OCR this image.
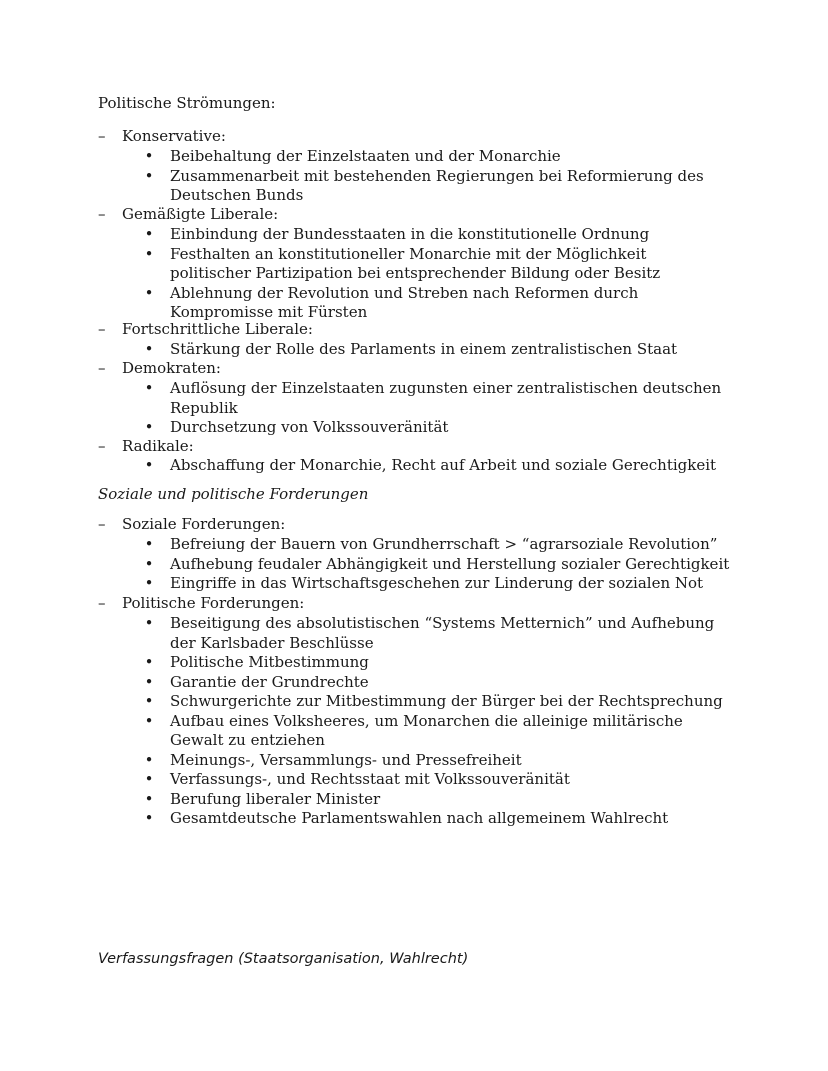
Politische Strömungen:
–	Konservative:
• Beibehaltung der Einzelstaaten und der Monarchie
• Zusammenarbeit mit bestehenden Regierungen bei Reformierung des Deutschen Bunds
–	Gemäßigte Liberale:
• Einbindung der Bundesstaaten in die konstitutionelle Ordnung
• Festhalten an konstitutioneller Monarchie mit der Möglichkeit politischer Partizipation bei entsprechender Bildung oder Besitz
• Ablehnung der Revolution und Streben nach Reformen durch Kompromisse mit Fürsten
–	Fortschrittliche Liberale:
• Stärkung der Rolle des Parlaments in einem zentralistischen Staat
–	Demokraten:
• Auflösung der Einzelstaaten zugunsten einer zentralistischen deutschen Republik
• Durchsetzung von Volkssouveränität
–	Radikale:
• Abschaffung der Monarchie, Recht auf Arbeit und soziale Gerechtigkeit
Soziale und politische Forderungen
–	Soziale Forderungen:
• Befreiung der Bauern von Grundherrschaft > “agrarsoziale Revolution”
• Aufhebung feudaler Abhängigkeit und Herstellung sozialer Gerechtigkeit
• Eingriffe in das Wirtschaftsgeschehen zur Linderung der sozialen Not
–	Politische Forderungen:
• Beseitigung des absolutistischen “Systems Metternich” und Aufhebung der Karlsbader Beschlüsse
• Politische Mitbestimmung
• Garantie der Grundrechte
• Schwurgerichte zur Mitbestimmung der Bürger bei der Rechtsprechung
• Aufbau eines Volksheeres, um Monarchen die alleinige militärische Gewalt zu entziehen
• Meinungs-, Versammlungs- und Pressefreiheit
• Verfassungs-, und Rechtsstaat mit Volkssouveränität
• Berufung liberaler Minister
• Gesamtdeutsche Parlamentswahlen nach allgemeinem Wahlrecht
Verfassungsfragen (Staatsorganisation, Wahlrecht)
